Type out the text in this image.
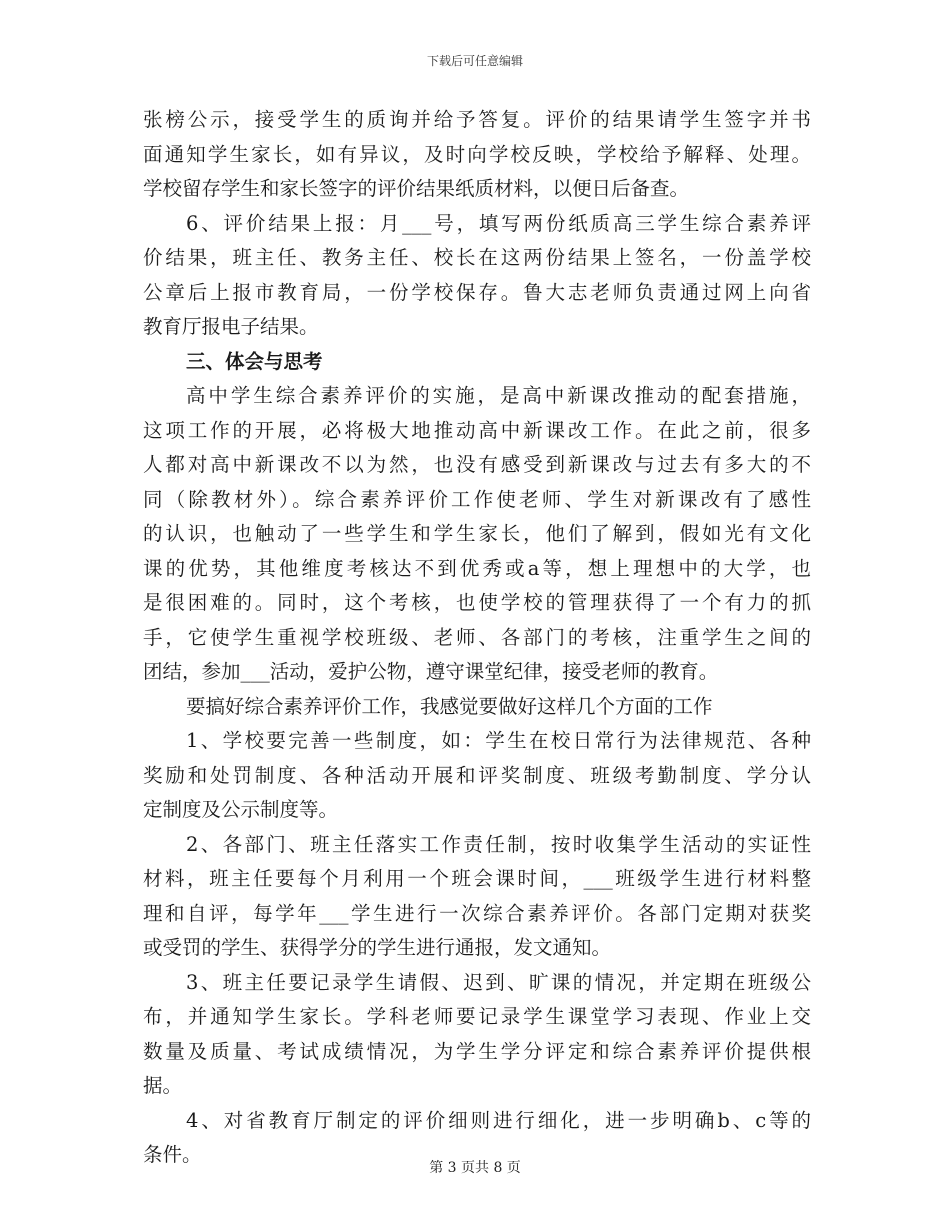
下载后可任意编辑
张榜公示，接受学生的质询并给予答复。评价的结果请学生签字并书
面通知学生家长，如有异议，及时向学校反映，学校给予解释、处理。
学校留存学生和家长签字的评价结果纸质材料，以便日后备查。
6、评价结果上报：月___号，填写两份纸质高三学生综合素养评
价结果，班主任、教务主任、校长在这两份结果上签名，一份盖学校
公章后上报市教育局，一份学校保存。鲁大志老师负责通过网上向省
教育厅报电子结果。
三、体会与思考
高中学生综合素养评价的实施，是高中新课改推动的配套措施，
这项工作的开展，必将极大地推动高中新课改工作。在此之前，很多
人都对高中新课改不以为然，也没有感受到新课改与过去有多大的不
同（除教材外）。综合素养评价工作使老师、学生对新课改有了感性
的认识，也触动了一些学生和学生家长，他们了解到，假如光有文化
课的优势，其他维度考核达不到优秀或a等，想上理想中的大学，也
是很困难的。同时，这个考核，也使学校的管理获得了一个有力的抓
手，它使学生重视学校班级、老师、各部门的考核，注重学生之间的
团结，参加___活动，爱护公物，遵守课堂纪律，接受老师的教育。
要搞好综合素养评价工作，我感觉要做好这样几个方面的工作
1、学校要完善一些制度，如：学生在校日常行为法律规范、各种
奖励和处罚制度、各种活动开展和评奖制度、班级考勤制度、学分认
定制度及公示制度等。
2、各部门、班主任落实工作责任制，按时收集学生活动的实证性
材料，班主任要每个月利用一个班会课时间，___班级学生进行材料整
理和自评，每学年___学生进行一次综合素养评价。各部门定期对获奖
或受罚的学生、获得学分的学生进行通报，发文通知。
3、班主任要记录学生请假、迟到、旷课的情况，并定期在班级公
布，并通知学生家长。学科老师要记录学生课堂学习表现、作业上交
数量及质量、考试成绩情况，为学生学分评定和综合素养评价提供根
据。
4、对省教育厅制定的评价细则进行细化，进一步明确b、c等的
条件。
第 3 页共 8 页
